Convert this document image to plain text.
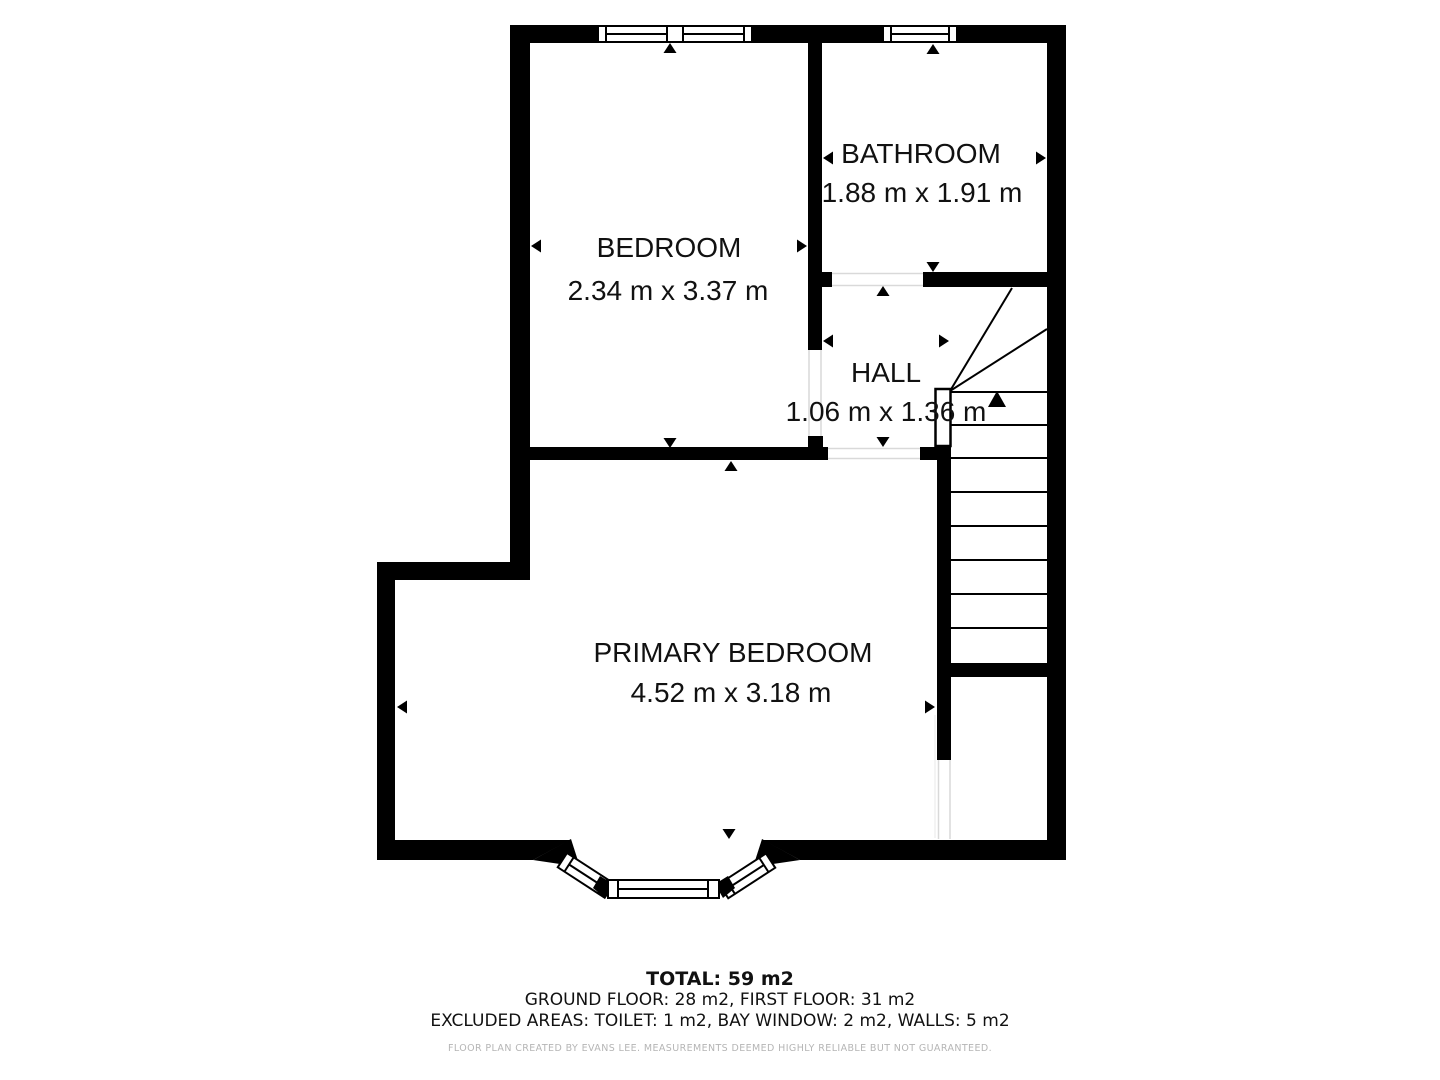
BEDROOM
2.34 m x 3.37 m
BATHROOM
1.88 m x 1.91 m
HALL
1.06 m x 1.36 m
PRIMARY BEDROOM
4.52 m x 3.18 m
TOTAL: 59 m2
GROUND FLOOR: 28 m2, FIRST FLOOR: 31 m2
EXCLUDED AREAS: TOILET: 1 m2, BAY WINDOW: 2 m2, WALLS: 5 m2
FLOOR PLAN CREATED BY EVANS LEE. MEASUREMENTS DEEMED HIGHLY RELIABLE BUT NOT GUARANTEED.
